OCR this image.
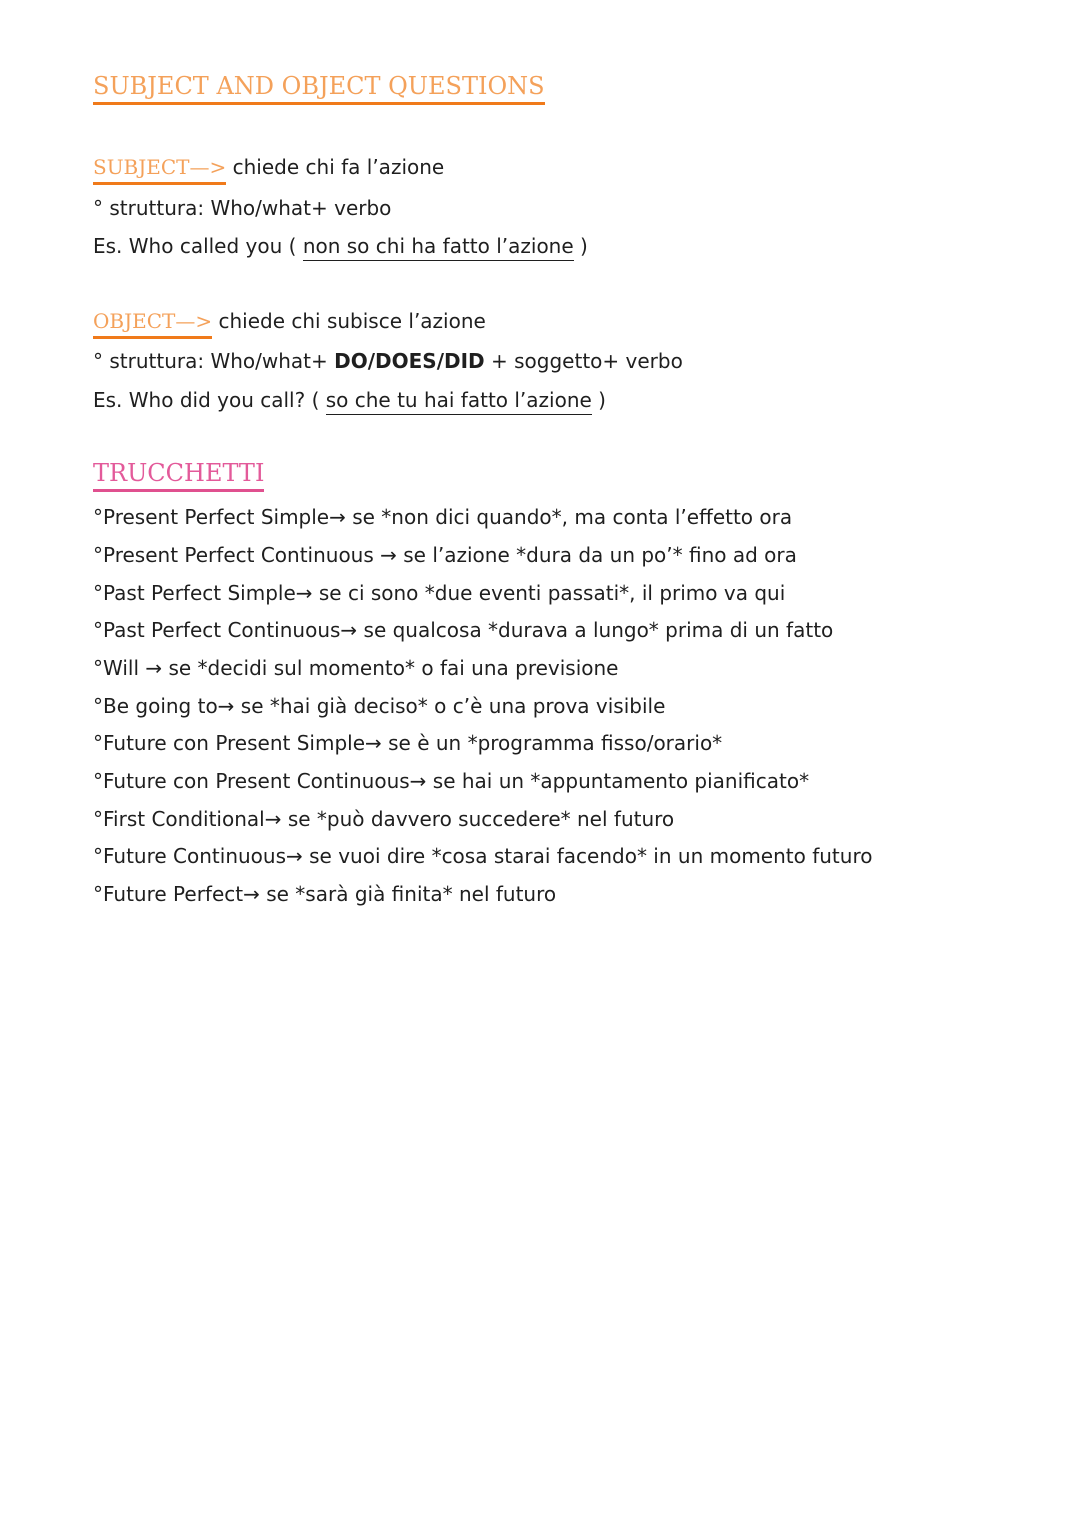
SUBJECT AND OBJECT QUESTIONS
SUBJECT—> chiede chi fa l’azione
° struttura: Who/what+ verbo
Es. Who called you ( non so chi ha fatto l’azione )
OBJECT—> chiede chi subisce l’azione
° struttura: Who/what+ DO/DOES/DID + soggetto+ verbo
Es. Who did you call? ( so che tu hai fatto l’azione )
TRUCCHETTI
°Present Perfect Simple→ se *non dici quando*, ma conta l’effetto ora
°Present Perfect Continuous → se l’azione *dura da un po’* fino ad ora
°Past Perfect Simple→ se ci sono *due eventi passati*, il primo va qui
°Past Perfect Continuous→ se qualcosa *durava a lungo* prima di un fatto
°Will → se *decidi sul momento* o fai una previsione
°Be going to→ se *hai già deciso* o c’è una prova visibile
°Future con Present Simple→ se è un *programma fisso/orario*
°Future con Present Continuous→ se hai un *appuntamento pianificato*
°First Conditional→ se *può davvero succedere* nel futuro
°Future Continuous→ se vuoi dire *cosa starai facendo* in un momento futuro
°Future Perfect→ se *sarà già finita* nel futuro
